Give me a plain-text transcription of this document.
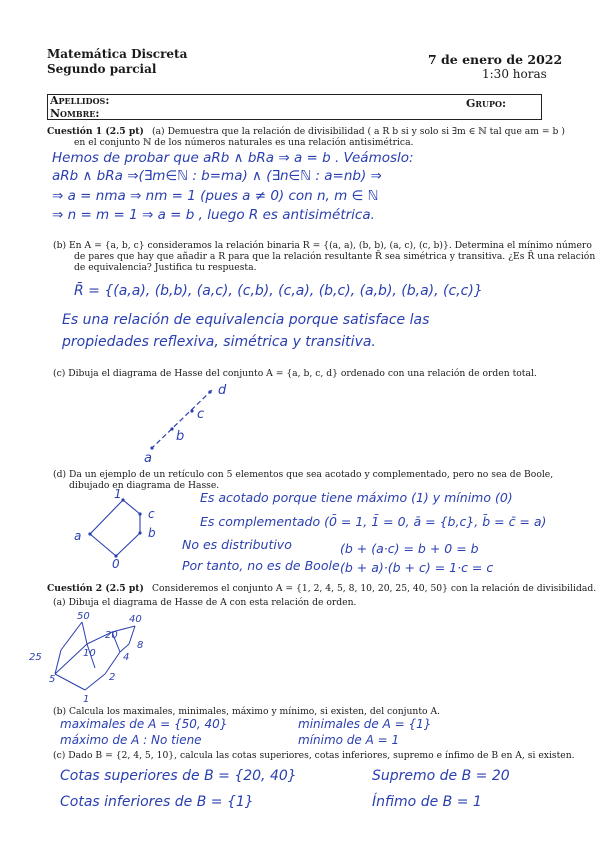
Matemática Discreta
Segundo parcial
7 de enero de 2022
1:30 horas
Apellidos:
Nombre:
Grupo:
Cuestión 1 (2.5 pt) (a) Demuestra que la relación de divisibilidad ( a R b si y solo si ∃m ∈ ℕ tal que am = b )
en el conjunto ℕ de los números naturales es una relación antisimétrica.
Hemos de probar que aRb ∧ bRa ⇒ a = b . Veámoslo:
aRb ∧ bRa ⇒(∃m∈ℕ : b=ma) ∧ (∃n∈ℕ : a=nb) ⇒
⇒ a = nma ⇒ nm = 1 (pues a ≠ 0) con n, m ∈ ℕ
⇒ n = m = 1 ⇒ a = b , luego R es antisimétrica.
(b) En A = {a, b, c} consideramos la relación binaria R = {(a, a), (b, b), (a, c), (c, b)}. Determina el mínimo número
de pares que hay que añadir a R para que la relación resultante R̄ sea simétrica y transitiva. ¿Es R̄ una relación
de equivalencia? Justifica tu respuesta.
R̄ = {(a,a), (b,b), (a,c), (c,b), (c,a), (b,c), (a,b), (b,a), (c,c)}
Es una relación de equivalencia porque satisface las
propiedades reflexiva, simétrica y transitiva.
(c) Dibuja el diagrama de Hasse del conjunto A = {a, b, c, d} ordenado con una relación de orden total.
d
c
b
a
(d) Da un ejemplo de un retículo con 5 elementos que sea acotado y complementado, pero no sea de Boole,
dibujado en diagrama de Hasse.
1
c
b
a
0
Es acotado porque tiene máximo (1) y mínimo (0)
Es complementado (0̄ = 1, 1̄ = 0, ā = {b,c}, b̄ = c̄ = a)
No es distributivo	(b + (a·c) = b + 0 = b
(b + a)·(b + c) = 1·c = c
Por tanto, no es de Boole
Cuestión 2 (2.5 pt) Consideremos el conjunto A = {1, 2, 4, 5, 8, 10, 20, 25, 40, 50} con la relación de divisibilidad.
(a) Dibuja el diagrama de Hasse de A con esta relación de orden.
50	40
20
10
8
25
5
4
2
1
(b) Calcula los maximales, minimales, máximo y mínimo, si existen, del conjunto A.
maximales de A = {50, 40}	minimales de A = {1}
máximo de A : No tiene	mínimo de A = 1
(c) Dado B = {2, 4, 5, 10}, calcula las cotas superiores, cotas inferiores, supremo e ínfimo de B en A, si existen.
Cotas superiores de B = {20, 40}	Supremo de B = 20
Cotas inferiores de B = {1}	Ínfimo de B = 1
